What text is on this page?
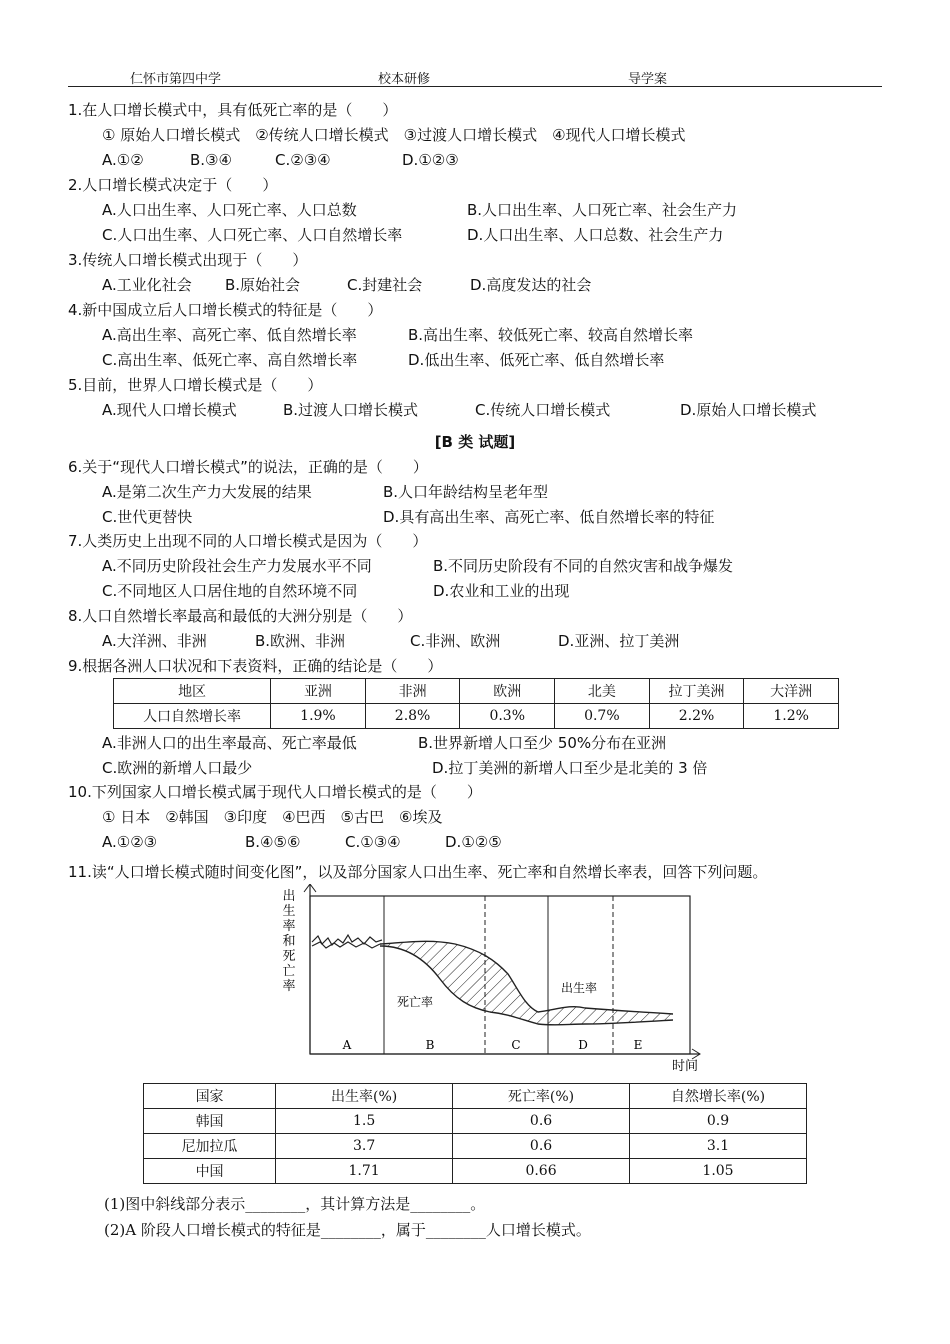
仁怀市第四中学	校本研修	导学案
1.在人口增长模式中，具有低死亡率的是（　　）
① 原始人口增长模式　②传统人口增长模式　③过渡人口增长模式　④现代人口增长模式
A.①②	B.③④	C.②③④	D.①②③
2.人口增长模式决定于（　　）
A.人口出生率、人口死亡率、人口总数	B.人口出生率、人口死亡率、社会生产力
C.人口出生率、人口死亡率、人口自然增长率	D.人口出生率、人口总数、社会生产力
3.传统人口增长模式出现于（　　）
A.工业化社会 B.原始社会	C.封建社会	D.高度发达的社会
4.新中国成立后人口增长模式的特征是（　　）
A.高出生率、高死亡率、低自然增长率	B.高出生率、较低死亡率、较高自然增长率
C.高出生率、低死亡率、高自然增长率	D.低出生率、低死亡率、低自然增长率
5.目前，世界人口增长模式是（　　）
A.现代人口增长模式	B.过渡人口增长模式	C.传统人口增长模式	D.原始人口增长模式
[B 类 试题]
6.关于“现代人口增长模式”的说法，正确的是（　　）
A.是第二次生产力大发展的结果	B.人口年龄结构呈老年型
C.世代更替快	D.具有高出生率、高死亡率、低自然增长率的特征
7.人类历史上出现不同的人口增长模式是因为（　　）
A.不同历史阶段社会生产力发展水平不同	B.不同历史阶段有不同的自然灾害和战争爆发
C.不同地区人口居住地的自然环境不同	D.农业和工业的出现
8.人口自然增长率最高和最低的大洲分别是（　　）
A.大洋洲、非洲	B.欧洲、非洲	C.非洲、欧洲	D.亚洲、拉丁美洲
9.根据各洲人口状况和下表资料，正确的结论是（　　）
地区	亚洲	非洲	欧洲	北美	拉丁美洲	大洋洲
人口自然增长率	1.9%	2.8%	0.3%	0.7%	2.2%	1.2%
A.非洲人口的出生率最高、死亡率最低	B.世界新增人口至少 50%分布在亚洲
C.欧洲的新增人口最少	D.拉丁美洲的新增人口至少是北美的 3 倍
10.下列国家人口增长模式属于现代人口增长模式的是（　　）
① 日本　②韩国　③印度　④巴西　⑤古巴　⑥埃及
A.①②③	B.④⑤⑥	C.①③④	D.①②⑤
11.读“人口增长模式随时间变化图”，以及部分国家人口出生率、死亡率和自然增长率表，回答下列问题。
出
生
率
和
死
亡
率
时间
死亡率
出生率
A	B	C	D	E
国家	出生率(%)	死亡率(%)	自然增长率(%)
韩国	1.5	0.6	0.9
尼加拉瓜	3.7	0.6	3.1
中国	1.71	0.66	1.05
(1)图中斜线部分表示________，其计算方法是________。
(2)A 阶段人口增长模式的特征是________，属于________人口增长模式。
